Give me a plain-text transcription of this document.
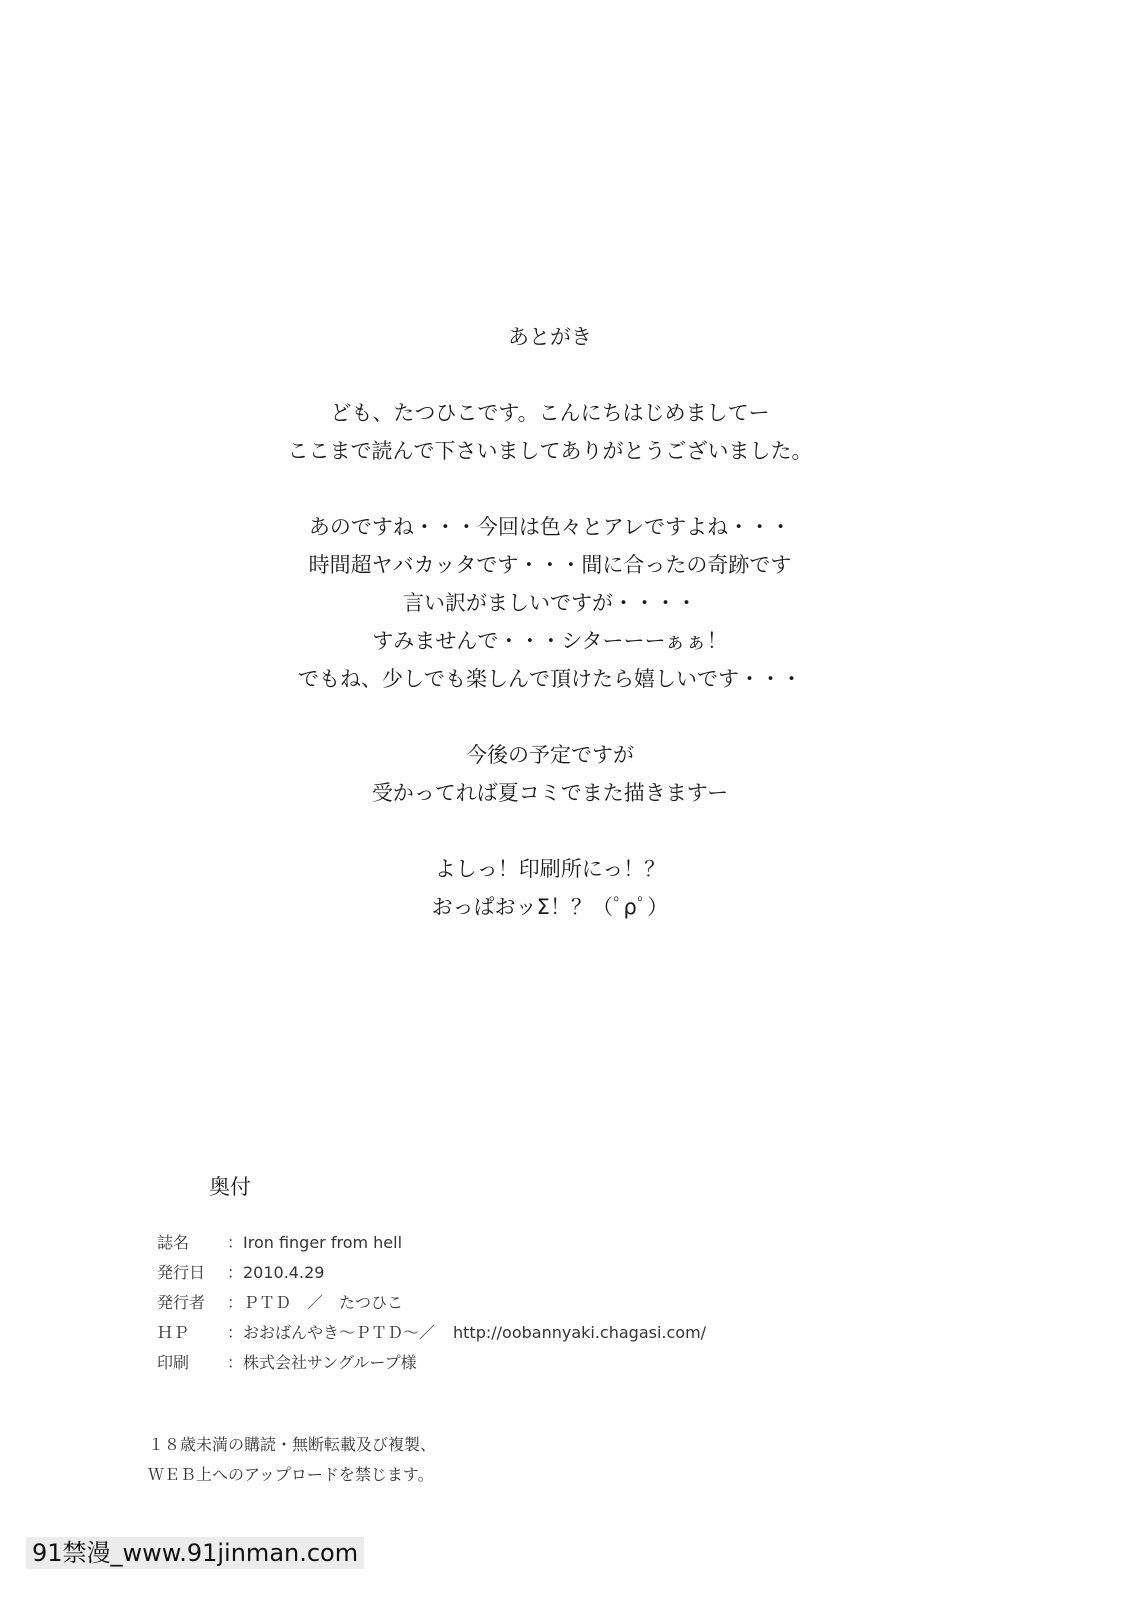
あとがき

ども、たつひこです。こんにちはじめましてー

ここまで読んで下さいましてありがとうございました。

あのですね・・・今回は色々とアレですよね・・・

時間超ヤバカッタです・・・間に合ったの奇跡です

言い訳がましいですが・・・・

すみませんで・・・シターーーぁぁ！

でもね、少しでも楽しんで頂けたら嬉しいです・・・

今後の予定ですが

受かってれば夏コミでまた描きますー

よしっ！印刷所にっ！？

おっぱおッΣ！？（ﾟρﾟ）

奥付
誌名	：Iron finger from hell
発行日	：2010.4.29
発行者	：ＰＴＤ　／　たつひこ
ＨＰ	：おおばんやき～ＰＴＤ～／ http://oobannyaki.chagasi.com/
印刷	：株式会社サングループ様
１８歳未満の購読・無断転載及び複製、
ＷＥＢ上へのアップロードを禁じます。
91禁漫_www.91jinman.com
